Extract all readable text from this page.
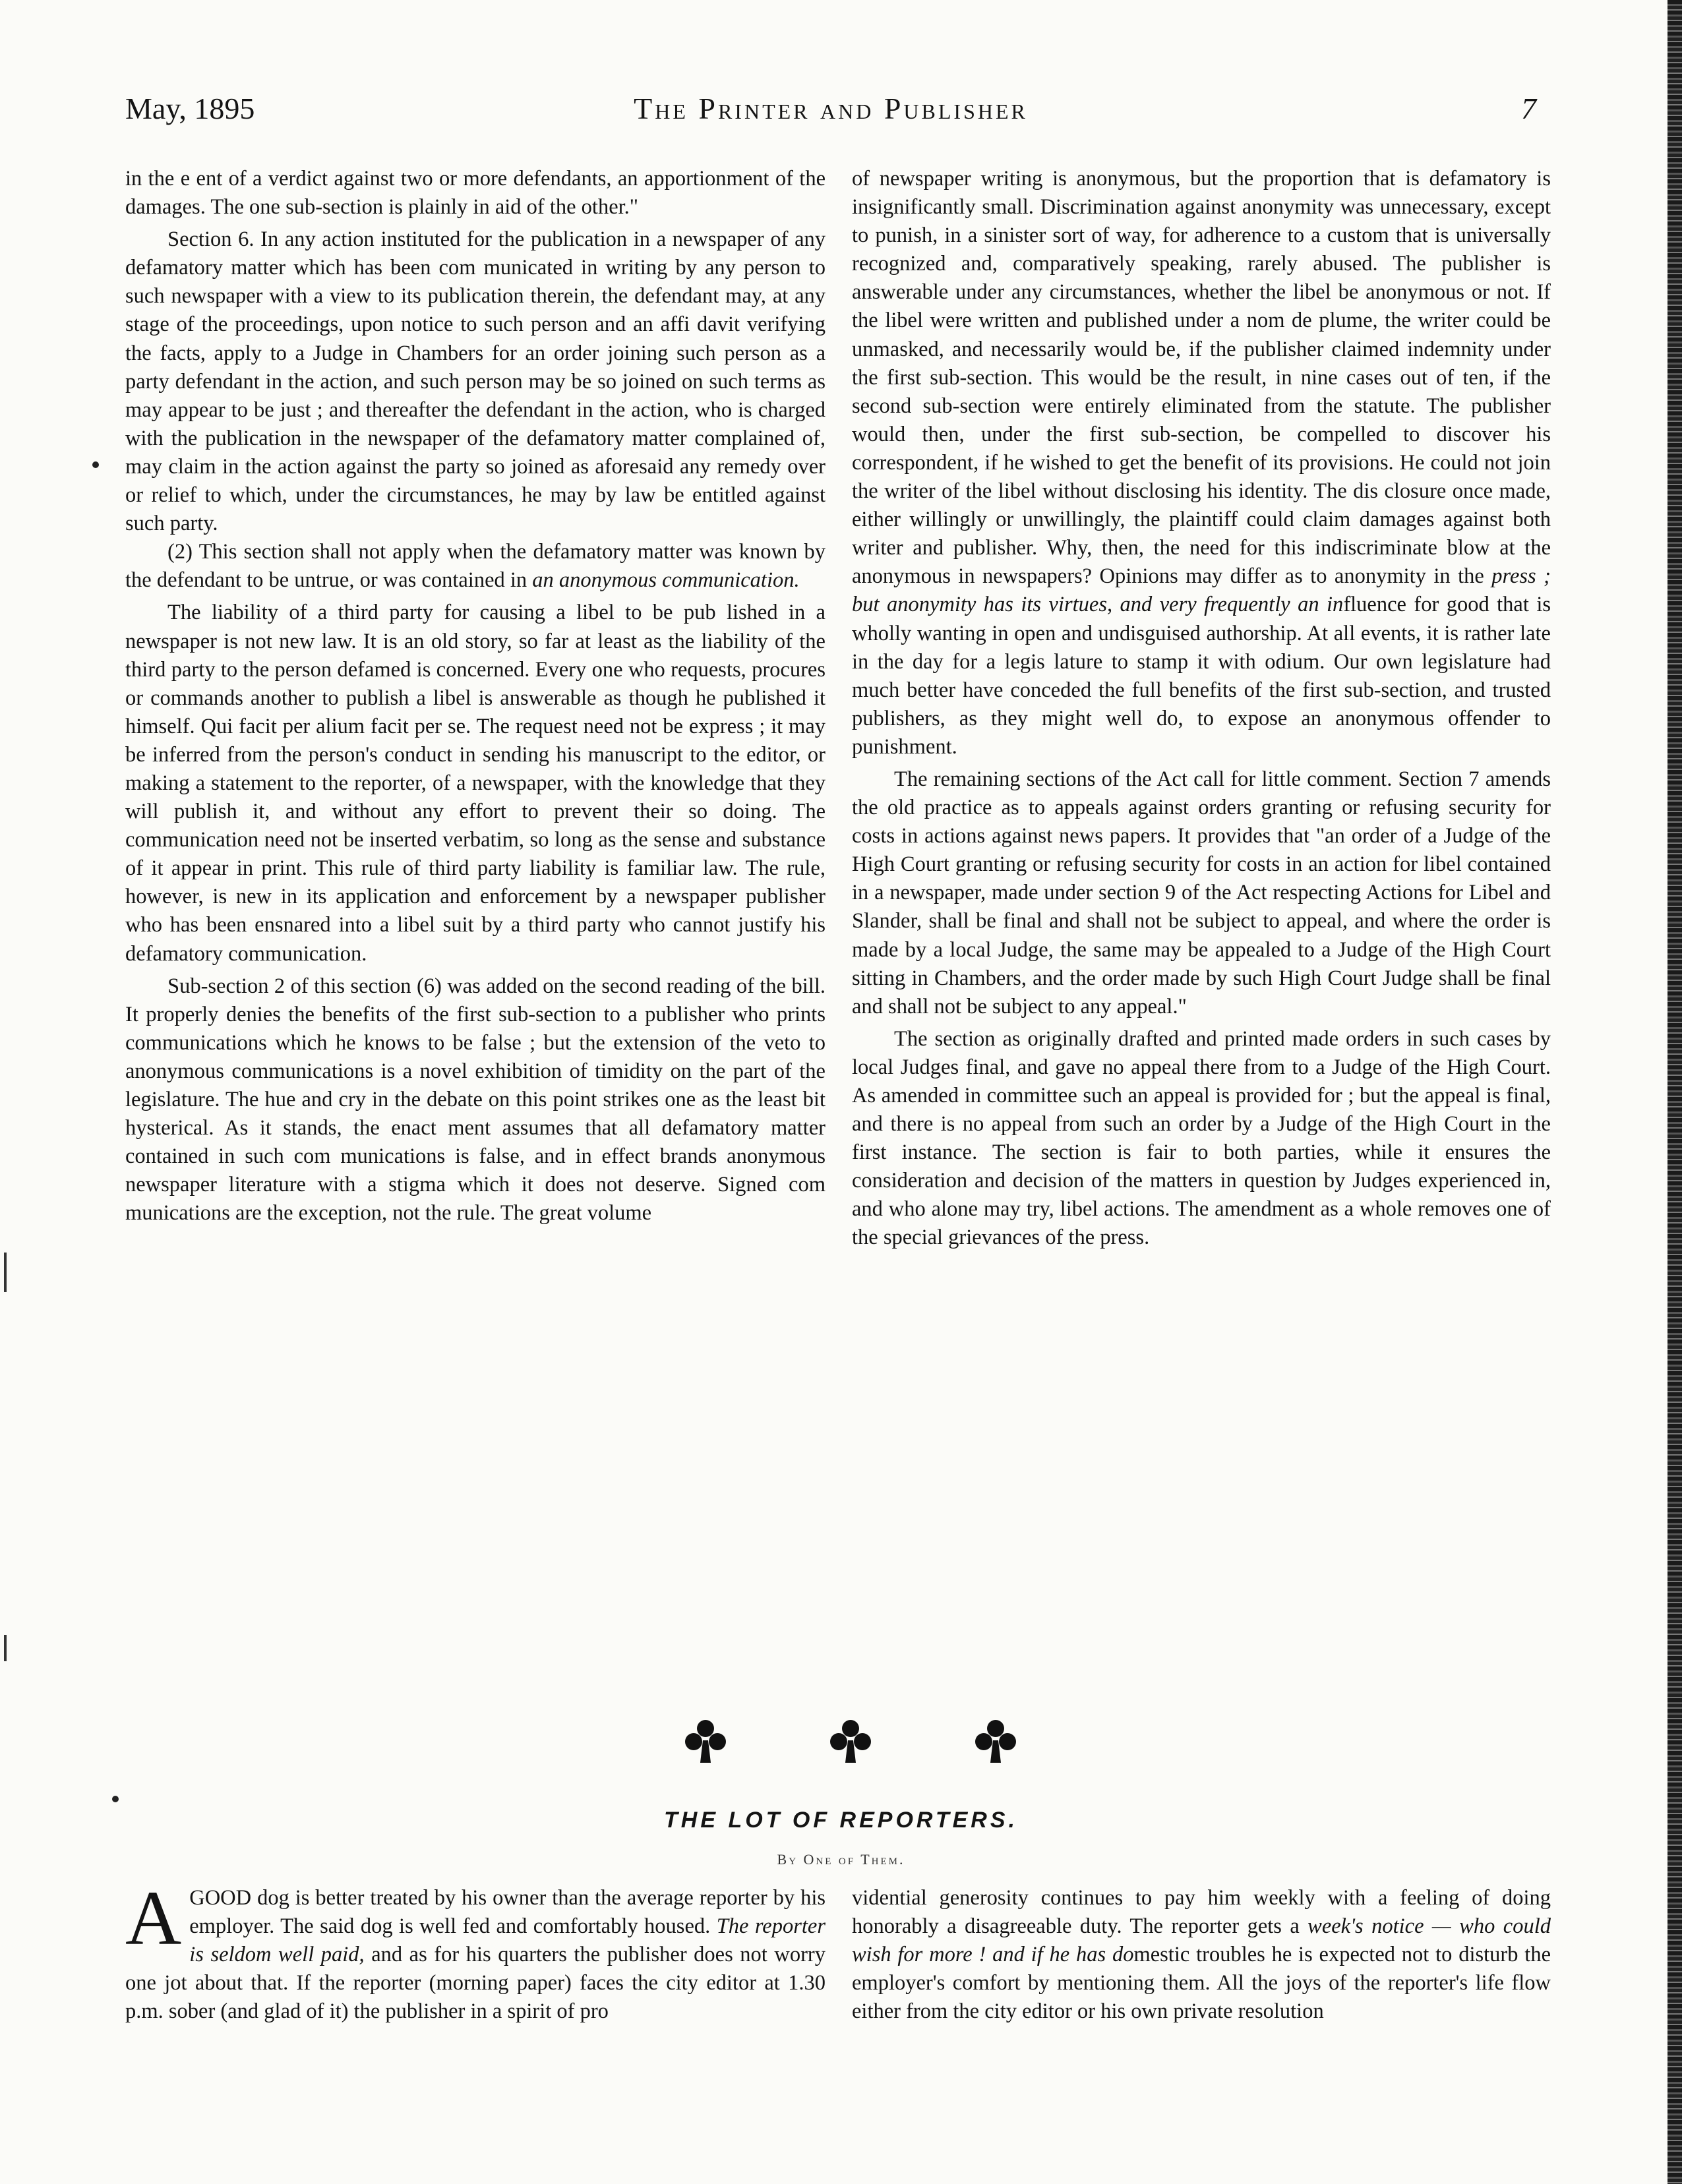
May, 1895	The Printer and Publisher	7

in the e ent of a verdict against two or more defendants, an apportionment of the damages. The one sub-section is plainly in aid of the other."

Section 6. In any action instituted for the publication in a newspaper of any defamatory matter which has been com municated in writing by any person to such newspaper with a view to its publication therein, the defendant may, at any stage of the proceedings, upon notice to such person and an affi davit verifying the facts, apply to a Judge in Chambers for an order joining such person as a party defendant in the action, and such person may be so joined on such terms as may appear to be just ; and thereafter the defendant in the action, who is charged with the publication in the newspaper of the defamatory matter complained of, may claim in the action against the party so joined as aforesaid any remedy over or relief to which, under the circumstances, he may by law be entitled against such party.

(2) This section shall not apply when the defamatory matter was known by the defendant to be untrue, or was contained in an anonymous communication.

The liability of a third party for causing a libel to be pub lished in a newspaper is not new law. It is an old story, so far at least as the liability of the third party to the person defamed is concerned. Every one who requests, procures or commands another to publish a libel is answerable as though he published it himself. Qui facit per alium facit per se. The request need not be express ; it may be inferred from the person's conduct in sending his manuscript to the editor, or making a statement to the reporter, of a newspaper, with the knowledge that they will publish it, and without any effort to prevent their so doing. The communication need not be inserted verbatim, so long as the sense and substance of it appear in print. This rule of third party liability is familiar law. The rule, however, is new in its application and enforcement by a newspaper publisher who has been ensnared into a libel suit by a third party who cannot justify his defamatory communication.

Sub-section 2 of this section (6) was added on the second reading of the bill. It properly denies the benefits of the first sub-section to a publisher who prints communications which he knows to be false ; but the extension of the veto to anonymous communications is a novel exhibition of timidity on the part of the legislature. The hue and cry in the debate on this point strikes one as the least bit hysterical. As it stands, the enact ment assumes that all defamatory matter contained in such com munications is false, and in effect brands anonymous newspaper literature with a stigma which it does not deserve. Signed com munications are the exception, not the rule. The great volume

of newspaper writing is anonymous, but the proportion that is defamatory is insignificantly small. Discrimination against anonymity was unnecessary, except to punish, in a sinister sort of way, for adherence to a custom that is universally recognized and, comparatively speaking, rarely abused. The publisher is answerable under any circumstances, whether the libel be anonymous or not. If the libel were written and published under a nom de plume, the writer could be unmasked, and necessarily would be, if the publisher claimed indemnity under the first sub-section. This would be the result, in nine cases out of ten, if the second sub-section were entirely eliminated from the statute. The publisher would then, under the first sub-section, be compelled to discover his correspondent, if he wished to get the benefit of its provisions. He could not join the writer of the libel without disclosing his identity. The dis closure once made, either willingly or unwillingly, the plaintiff could claim damages against both writer and publisher. Why, then, the need for this indiscriminate blow at the anonymous in newspapers? Opinions may differ as to anonymity in the press ; but anonymity has its virtues, and very frequently an influence for good that is wholly wanting in open and undisguised authorship. At all events, it is rather late in the day for a legis lature to stamp it with odium. Our own legislature had much better have conceded the full benefits of the first sub-section, and trusted publishers, as they might well do, to expose an anonymous offender to punishment.

The remaining sections of the Act call for little comment. Section 7 amends the old practice as to appeals against orders granting or refusing security for costs in actions against news papers. It provides that "an order of a Judge of the High Court granting or refusing security for costs in an action for libel contained in a newspaper, made under section 9 of the Act respecting Actions for Libel and Slander, shall be final and shall not be subject to appeal, and where the order is made by a local Judge, the same may be appealed to a Judge of the High Court sitting in Chambers, and the order made by such High Court Judge shall be final and shall not be subject to any appeal."

The section as originally drafted and printed made orders in such cases by local Judges final, and gave no appeal there from to a Judge of the High Court. As amended in committee such an appeal is provided for ; but the appeal is final, and there is no appeal from such an order by a Judge of the High Court in the first instance. The section is fair to both parties, while it ensures the consideration and decision of the matters in question by Judges experienced in, and who alone may try, libel actions. The amendment as a whole removes one of the special grievances of the press.

THE LOT OF REPORTERS.
By One of Them.

AGOOD dog is better treated by his owner than the average reporter by his employer. The said dog is well fed and comfortably housed. The reporter is seldom well paid, and as for his quarters the publisher does not worry one jot about that. If the reporter (morning paper) faces the city editor at 1.30 p.m. sober (and glad of it) the publisher in a spirit of pro

vidential generosity continues to pay him weekly with a feeling of doing honorably a disagreeable duty. The reporter gets a week's notice — who could wish for more ! and if he has domestic troubles he is expected not to disturb the employer's comfort by mentioning them. All the joys of the reporter's life flow either from the city editor or his own private resolution
